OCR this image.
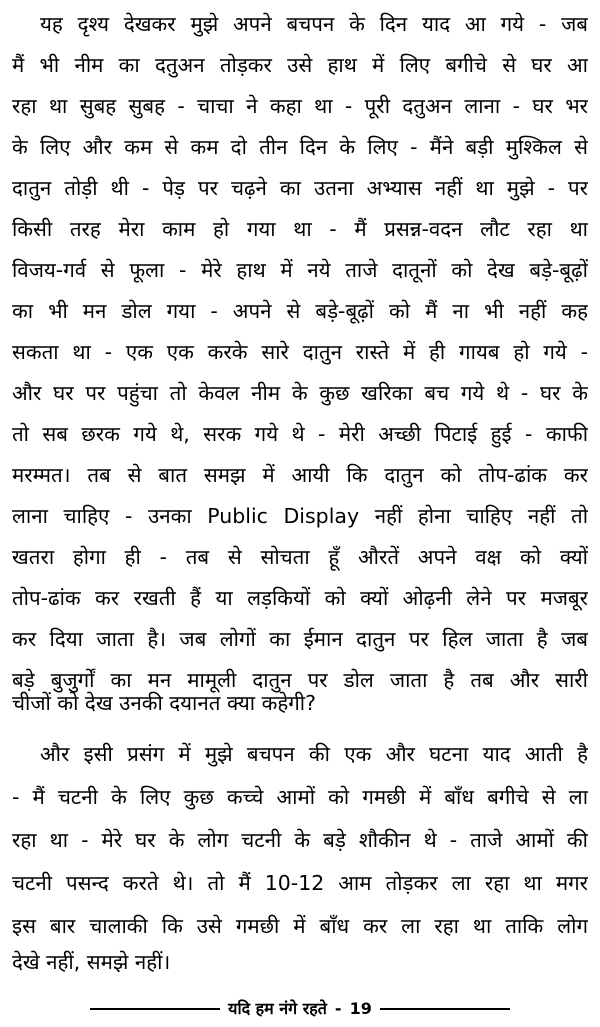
यह दृश्य देखकर मुझे अपने बचपन के दिन याद आ गये - जब
मैं भी नीम का दतुअन तोड़कर उसे हाथ में लिए बगीचे से घर आ
रहा था सुबह सुबह - चाचा ने कहा था - पूरी दतुअन लाना - घर भर
के लिए और कम से कम दो तीन दिन के लिए - मैंने बड़ी मुश्किल से
दातुन तोड़ी थी - पेड़ पर चढ़ने का उतना अभ्यास नहीं था मुझे - पर
किसी तरह मेरा काम हो गया था - मैं प्रसन्न-वदन लौट रहा था
विजय-गर्व से फूला - मेरे हाथ में नये ताजे दातूनों को देख बड़े-बूढ़ों
का भी मन डोल गया - अपने से बड़े-बूढ़ों को मैं ना भी नहीं कह
सकता था - एक एक करके सारे दातुन रास्ते में ही गायब हो गये -
और घर पर पहुंचा तो केवल नीम के कुछ खरिका बच गये थे - घर के
तो सब छरक गये थे, सरक गये थे - मेरी अच्छी पिटाई हुई - काफी
मरम्मत। तब से बात समझ में आयी कि दातुन को तोप-ढांक कर
लाना चाहिए - उनका Public Display नहीं होना चाहिए नहीं तो
खतरा होगा ही - तब से सोचता हूँ औरतें अपने वक्ष को क्यों
तोप-ढांक कर रखती हैं या लड़कियों को क्यों ओढ़नी लेने पर मजबूर
कर दिया जाता है। जब लोगों का ईमान दातुन पर हिल जाता है जब
बड़े बुजुर्गों का मन मामूली दातुन पर डोल जाता है तब और सारी
चीजों को देख उनकी दयानत क्या कहेगी?
और इसी प्रसंग में मुझे बचपन की एक और घटना याद आती है
- मैं चटनी के लिए कुछ कच्चे आमों को गमछी में बाँध बगीचे से ला
रहा था - मेरे घर के लोग चटनी के बड़े शौकीन थे - ताजे आमों की
चटनी पसन्द करते थे। तो मैं 10-12 आम तोड़कर ला रहा था मगर
इस बार चालाकी कि उसे गमछी में बाँध कर ला रहा था ताकि लोग
देखे नहीं, समझे नहीं।
यदि हम नंगे रहते - 19
